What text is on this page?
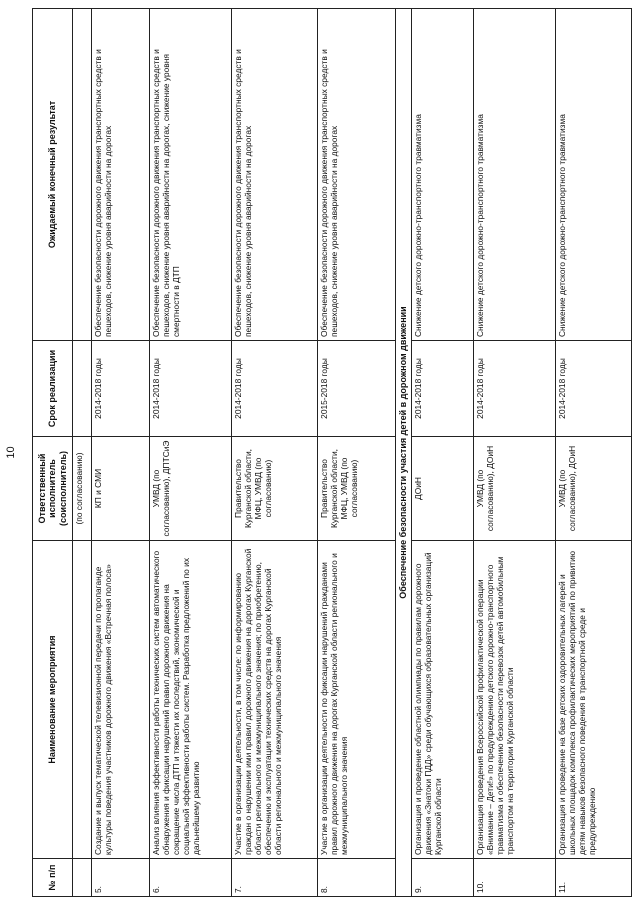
10
№ п/п	Наименование мероприятия	Ответственный исполнитель (соисполнитель)	Срок реализации	Ожидаемый конечный результат
		(по согласованию)		
5.	Создание и выпуск тематической телевизионной передачи по пропаганде культуры поведения участников дорожного движения «Встречная полоса»	КП и СМИ	2014-2018 годы	Обеспечение безопасности дорожного движения транспортных средств и пешеходов, снижение уровня аварийности на дорогах
6.	Анализ влияния эффективности работы технических систем автоматического обнаружения и фиксации нарушений правил дорожного движения на сокращение числа ДТП и тяжести их последствий, экономической и социальной эффективности работы систем. Разработка предложений по их дальнейшему развитию	УМВД (по согласованию), ДПТСиЭ	2014-2018 годы	Обеспечение безопасности дорожного движения транспортных средств и пешеходов, снижение уровня аварийности на дорогах, снижение уровня смертности в ДТП
7.	Участие в организации деятельности, в том числе: по информированию граждан о нарушении ими правил дорожного движения на дорогах Курганской области регионального и межмуниципального значения; по приобретению, обеспечению и эксплуатации технических средств на дорогах Курганской области регионального и межмуниципального значения	Правительство Курганской области, МФЦ, УМВД (по согласованию)	2014-2018 годы	Обеспечение безопасности дорожного движения транспортных средств и пешеходов, снижение уровня аварийности на дорогах
8.	Участие в организации деятельности по фиксации нарушений гражданами правил дорожного движения на дорогах Курганской области регионального и межмуниципального значения	Правительство Курганской области, МФЦ, УМВД (по согласованию)	2015-2018 годы	Обеспечение безопасности дорожного движения транспортных средств и пешеходов, снижение уровня аварийности на дорогах
Обеспечение безопасности участия детей в дорожном движении				
9.	Организация и проведение областной олимпиады по правилам дорожного движения «Знатоки ПДД» среди обучающихся образовательных организаций Курганской области	ДОиН	2014-2018 годы	Снижение детского дорожно-транспортного травматизма
10.	Организация проведения Всероссийской профилактической операции «Внимание – Дети!» по предупреждению детского дорожно-транспортного травматизма и обеспечению безопасности перевозок детей автомобильным транспортом на территории Курганской области	УМВД (по согласованию), ДОиН	2014-2018 годы	Снижение детского дорожно-транспортного травматизма
11.	Организация и проведение на базе детских оздоровительных лагерей и школьных площадок комплекса профилактических мероприятий по привитию детям навыков безопасного поведения в транспортной среде и предупреждению	УМВД (по согласованию), ДОиН	2014-2018 годы	Снижение детского дорожно-транспортного травматизма
